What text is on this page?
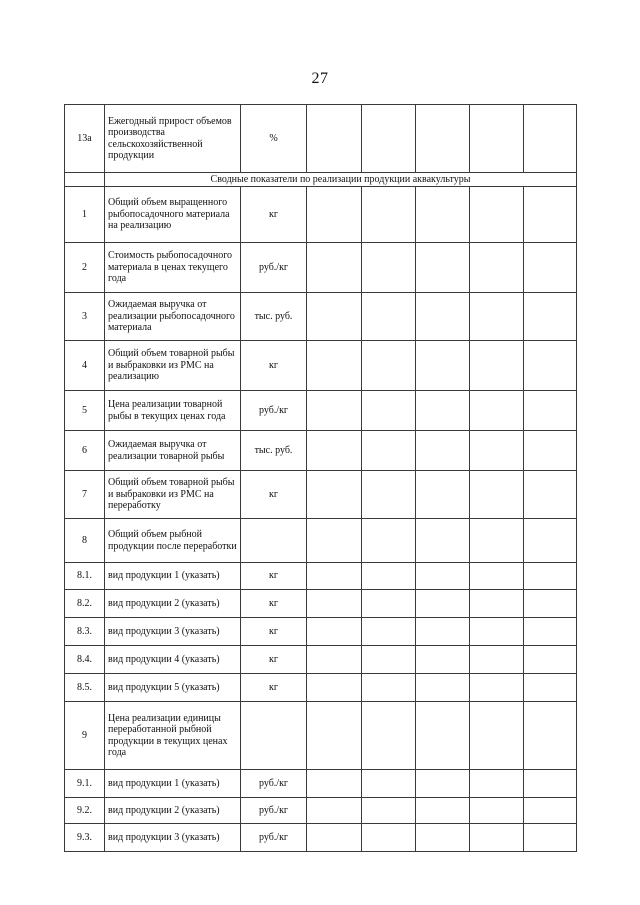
27
13a	Ежегодный прирост объемов производства сельскохозяйственной продукции	%					
	Сводные показатели по реализации продукции аквакультуры						
1	Общий объем выращенного рыбопосадочного материала на реализацию	кг					
2	Стоимость рыбопосадочного материала в ценах текущего года	руб./кг					
3	Ожидаемая выручка от реализации рыбопосадочного материала	тыс. руб.					
4	Общий объем товарной рыбы и выбраковки из РМС на реализацию	кг					
5	Цена реализации товарной рыбы в текущих ценах года	руб./кг					
6	Ожидаемая выручка от реализации товарной рыбы	тыс. руб.					
7	Общий объем товарной рыбы и выбраковки из РМС на переработку	кг					
8	Общий объем рыбной продукции после переработки						
8.1.	вид продукции 1 (указать)	кг					
8.2.	вид продукции 2 (указать)	кг					
8.3.	вид продукции 3 (указать)	кг					
8.4.	вид продукции 4 (указать)	кг					
8.5.	вид продукции 5 (указать)	кг					
9	Цена реализации единицы переработанной рыбной продукции в текущих ценах года						
9.1.	вид продукции 1 (указать)	руб./кг					
9.2.	вид продукции 2 (указать)	руб./кг					
9.3.	вид продукции 3 (указать)	руб./кг					
